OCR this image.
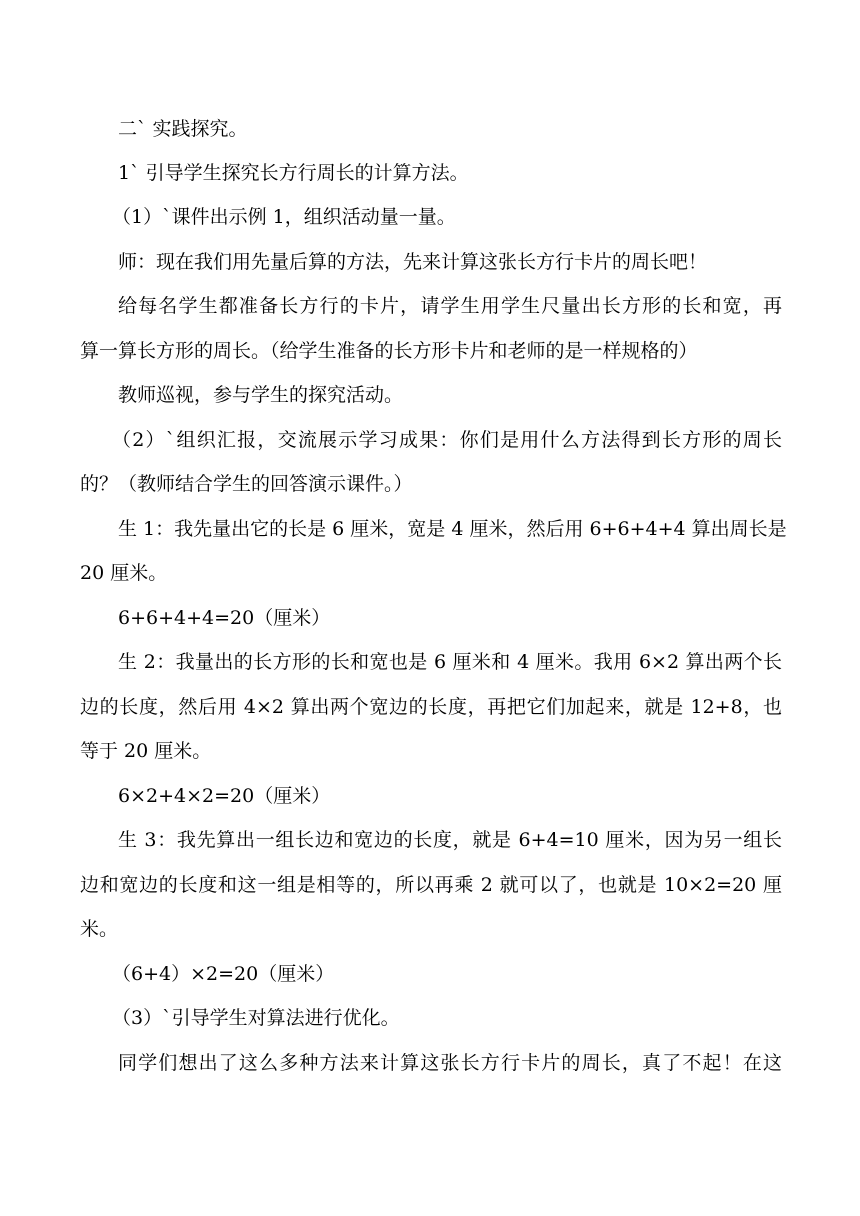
二` 实践探究。

1` 引导学生探究长方行周长的计算方法。

（1）`课件出示例 1，组织活动量一量。

师：现在我们用先量后算的方法，先来计算这张长方行卡片的周长吧！

给每名学生都准备长方行的卡片，请学生用学生尺量出长方形的长和宽，再

算一算长方形的周长。（给学生准备的长方形卡片和老师的是一样规格的）

教师巡视，参与学生的探究活动。

（2）`组织汇报，交流展示学习成果：你们是用什么方法得到长方形的周长

的？（教师结合学生的回答演示课件。）

生 1：我先量出它的长是 6 厘米，宽是 4 厘米，然后用 6+6+4+4 算出周长是

20 厘米。

6+6+4+4=20（厘米）

生 2：我量出的长方形的长和宽也是 6 厘米和 4 厘米。我用 6×2 算出两个长

边的长度，然后用 4×2 算出两个宽边的长度，再把它们加起来，就是 12+8，也

等于 20 厘米。

6×2+4×2=20（厘米）

生 3：我先算出一组长边和宽边的长度，就是 6+4=10 厘米，因为另一组长

边和宽边的长度和这一组是相等的，所以再乘 2 就可以了，也就是 10×2=20 厘

米。

（6+4）×2=20（厘米）

（3）`引导学生对算法进行优化。

同学们想出了这么多种方法来计算这张长方行卡片的周长，真了不起！在这
